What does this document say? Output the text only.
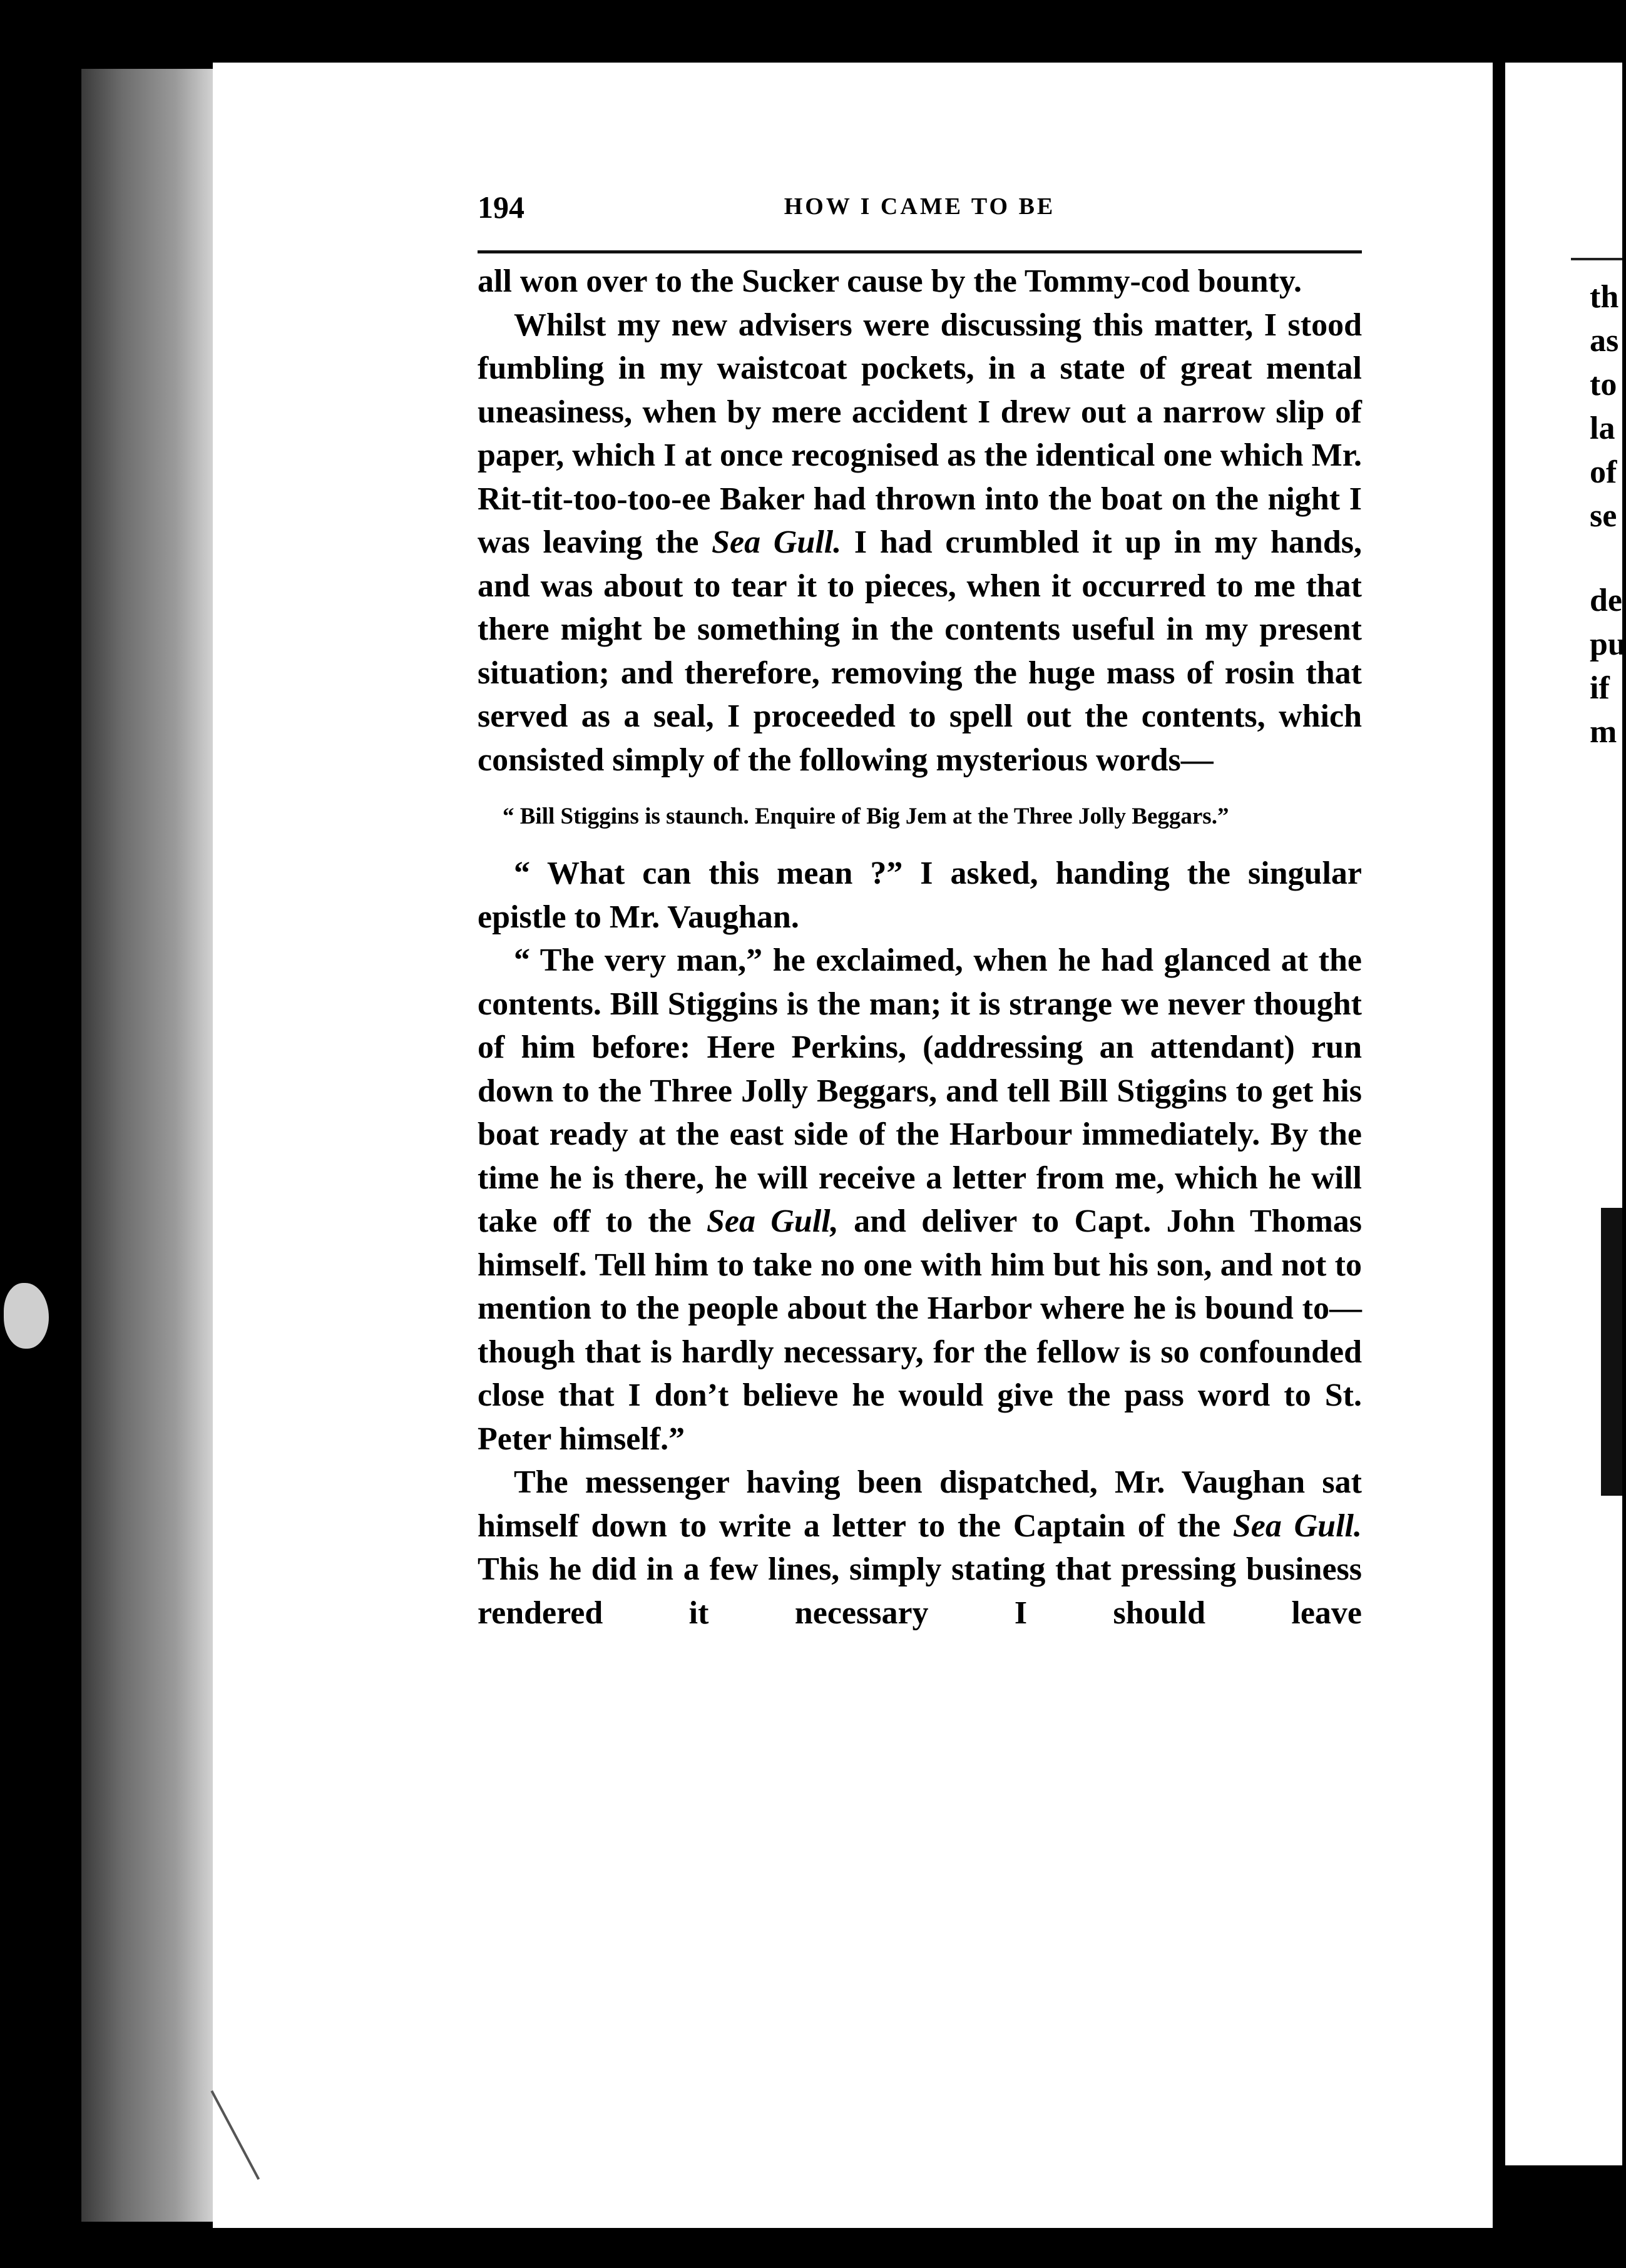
194	HOW I CAME TO BE

all won over to the Sucker cause by the Tommy-cod bounty.

Whilst my new advisers were discussing this matter, I stood fumbling in my waistcoat pockets, in a state of great mental uneasiness, when by mere accident I drew out a narrow slip of paper, which I at once recognised as the identical one which Mr. Rit-tit-too-too-ee Baker had thrown into the boat on the night I was leaving the Sea Gull. I had crumbled it up in my hands, and was about to tear it to pieces, when it occurred to me that there might be something in the contents useful in my present situation; and therefore, removing the huge mass of rosin that served as a seal, I proceeded to spell out the contents, which consisted simply of the following mysterious words—

“ Bill Stiggins is staunch. Enquire of Big Jem at the Three Jolly Beggars.”

“ What can this mean ?” I asked, handing the singular epistle to Mr. Vaughan.

“ The very man,” he exclaimed, when he had glanced at the contents. Bill Stiggins is the man; it is strange we never thought of him before: Here Perkins, (addressing an attendant) run down to the Three Jolly Beggars, and tell Bill Stiggins to get his boat ready at the east side of the Harbour immediately. By the time he is there, he will receive a letter from me, which he will take off to the Sea Gull, and deliver to Capt. John Thomas himself. Tell him to take no one with him but his son, and not to mention to the people about the Harbor where he is bound to—though that is hardly necessary, for the fellow is so confounded close that I don’t believe he would give the pass word to St. Peter himself.”

The messenger having been dispatched, Mr. Vaughan sat himself down to write a letter to the Captain of the Sea Gull. This he did in a few lines, simply stating that pressing business rendered it necessary I should leave

th
as
to
la
of
se
de
pu
if
m
